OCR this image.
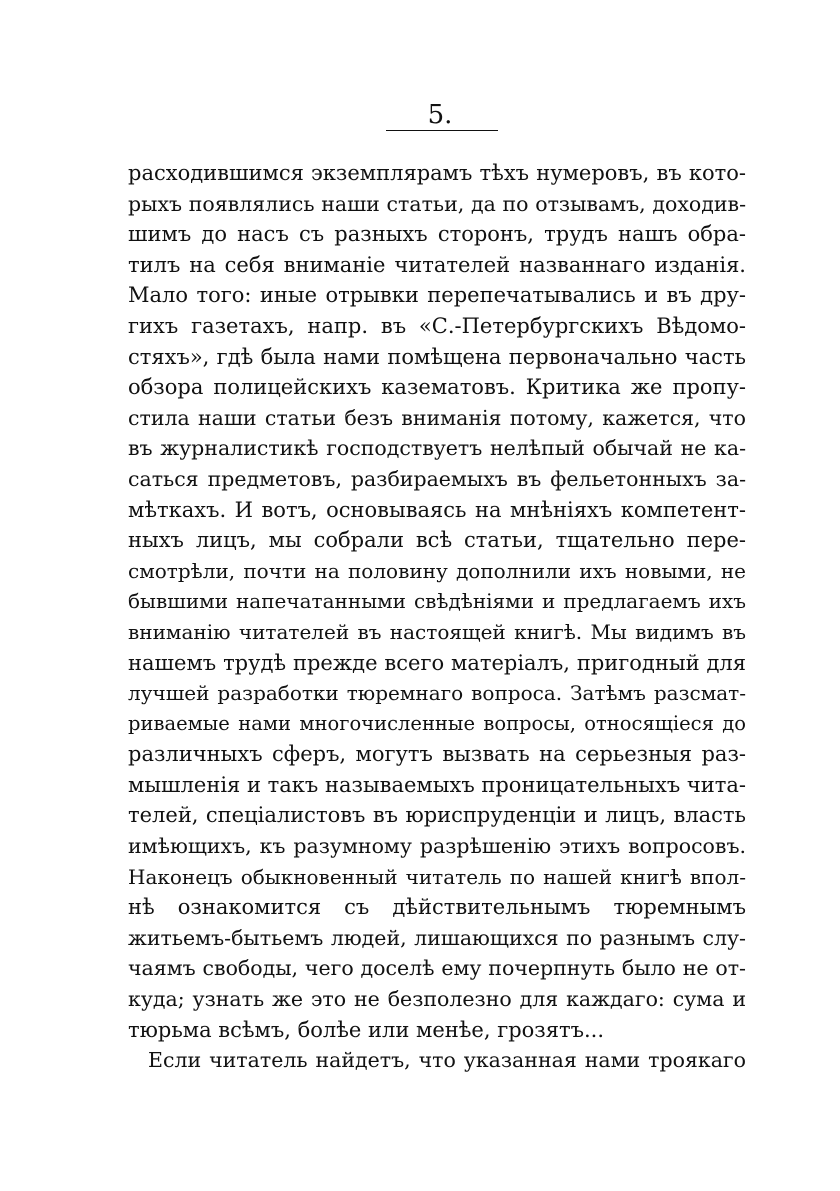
5.
расходившимся экземплярамъ тѣхъ нумеровъ, въ кото-
рыхъ появлялись наши статьи, да по отзывамъ, доходив-
шимъ до насъ съ разныхъ сторонъ, трудъ нашъ обра-
тилъ на себя вниманіе читателей названнаго изданія.
Мало того: иные отрывки перепечатывались и въ дру-
гихъ газетахъ, напр. въ «С.-Петербургскихъ Вѣдомо-
стяхъ», гдѣ была нами помѣщена первоначально часть
обзора полицейскихъ казематовъ. Критика же пропу-
стила наши статьи безъ вниманія потому, кажется, что
въ журналистикѣ господствуетъ нелѣпый обычай не ка-
саться предметовъ, разбираемыхъ въ фельетонныхъ за-
мѣткахъ. И вотъ, основываясь на мнѣніяхъ компетент-
ныхъ лицъ, мы собрали всѣ статьи, тщательно пере-
смотрѣли, почти на половину дополнили ихъ новыми, не
бывшими напечатанными свѣдѣніями и предлагаемъ ихъ
вниманію читателей въ настоящей книгѣ. Мы видимъ въ
нашемъ трудѣ прежде всего матеріалъ, пригодный для
лучшей разработки тюремнаго вопроса. Затѣмъ разсмат-
риваемые нами многочисленные вопросы, относящіеся до
различныхъ сферъ, могутъ вызвать на серьезныя раз-
мышленія и такъ называемыхъ проницательныхъ чита-
телей, спеціалистовъ въ юриспруденціи и лицъ, власть
имѣющихъ, къ разумному разрѣшенію этихъ вопросовъ.
Наконецъ обыкновенный читатель по нашей книгѣ впол-
нѣ ознакомится съ дѣйствительнымъ тюремнымъ
житьемъ-бытьемъ людей, лишающихся по разнымъ слу-
чаямъ свободы, чего доселѣ ему почерпнуть было не от-
куда; узнать же это не безполезно для каждаго: сума и
тюрьма всѣмъ, болѣе или менѣе, грозятъ...
Если читатель найдетъ, что указанная нами троякаго
